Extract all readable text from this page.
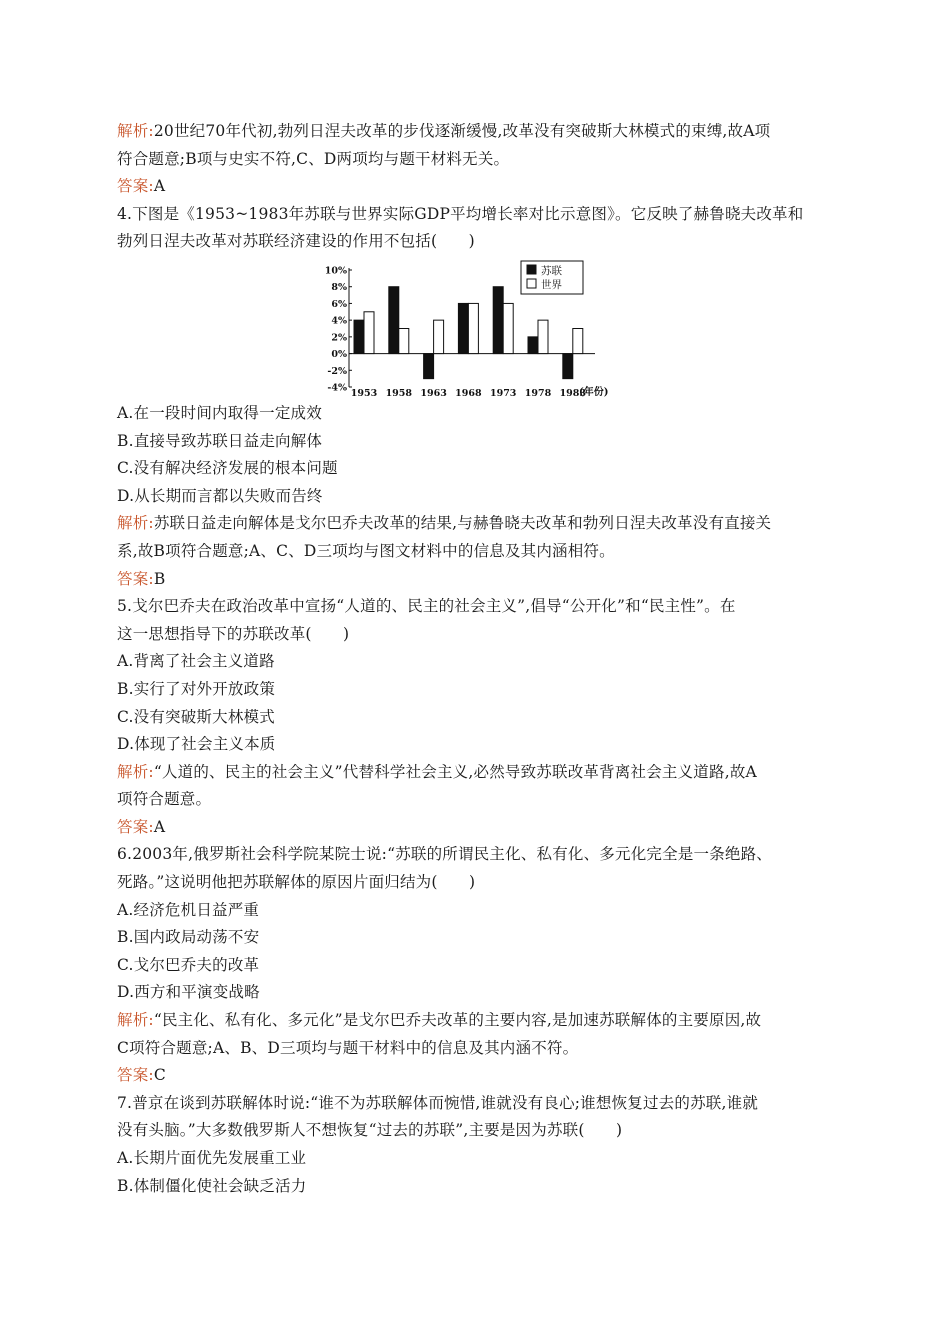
解析:20世纪70年代初,勃列日涅夫改革的步伐逐渐缓慢,改革没有突破斯大林模式的束缚,故A项
符合题意;B项与史实不符,C、D两项均与题干材料无关。
答案:A
4.下图是《1953~1983年苏联与世界实际GDP平均增长率对比示意图》。它反映了赫鲁晓夫改革和
勃列日涅夫改革对苏联经济建设的作用不包括(　　)
10%
8%
6%
4%
2%
0%
-2%
-4% 1953 1958 1963 1968 1973 1978 1983
(年份)
苏联
世界
A.在一段时间内取得一定成效
B.直接导致苏联日益走向解体
C.没有解决经济发展的根本问题
D.从长期而言都以失败而告终
解析:苏联日益走向解体是戈尔巴乔夫改革的结果,与赫鲁晓夫改革和勃列日涅夫改革没有直接关
系,故B项符合题意;A、C、D三项均与图文材料中的信息及其内涵相符。
答案:B
5.戈尔巴乔夫在政治改革中宣扬“人道的、民主的社会主义”,倡导“公开化”和“民主性”。在
这一思想指导下的苏联改革(　　)
A.背离了社会主义道路
B.实行了对外开放政策
C.没有突破斯大林模式
D.体现了社会主义本质
解析:“人道的、民主的社会主义”代替科学社会主义,必然导致苏联改革背离社会主义道路,故A
项符合题意。
答案:A
6.2003年,俄罗斯社会科学院某院士说:“苏联的所谓民主化、私有化、多元化完全是一条绝路、
死路。”这说明他把苏联解体的原因片面归结为(　　)
A.经济危机日益严重
B.国内政局动荡不安
C.戈尔巴乔夫的改革
D.西方和平演变战略
解析:“民主化、私有化、多元化”是戈尔巴乔夫改革的主要内容,是加速苏联解体的主要原因,故
C项符合题意;A、B、D三项均与题干材料中的信息及其内涵不符。
答案:C
7.普京在谈到苏联解体时说:“谁不为苏联解体而惋惜,谁就没有良心;谁想恢复过去的苏联,谁就
没有头脑。”大多数俄罗斯人不想恢复“过去的苏联”,主要是因为苏联(　　)
A.长期片面优先发展重工业
B.体制僵化使社会缺乏活力
